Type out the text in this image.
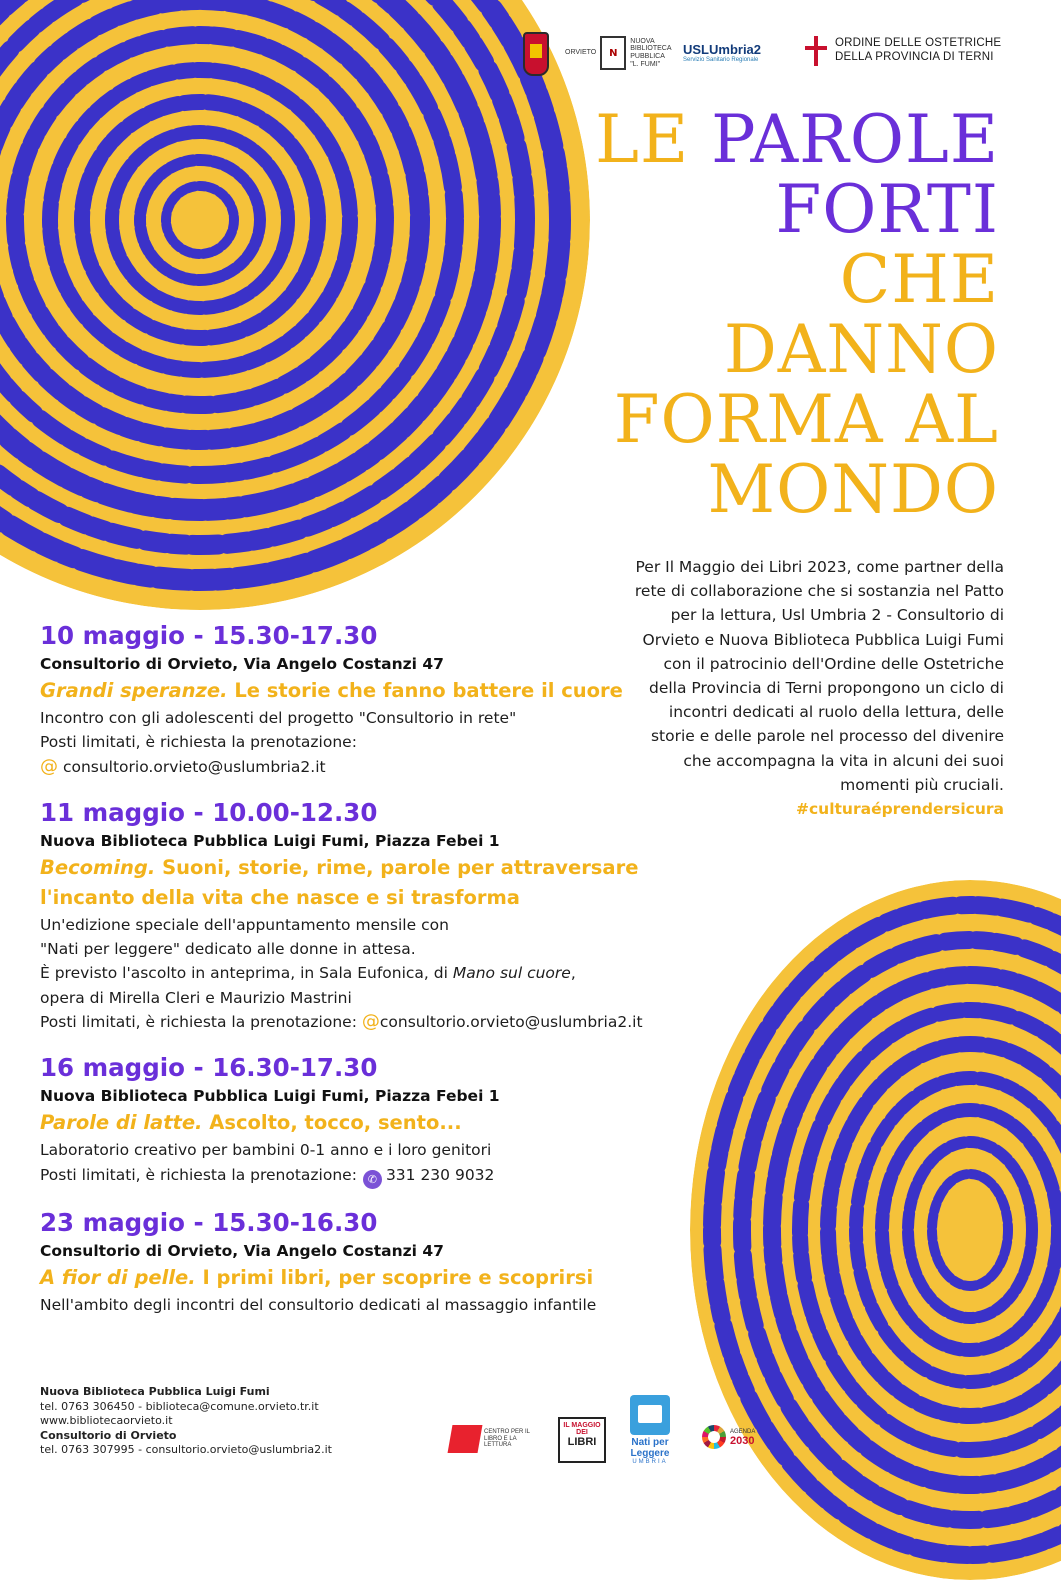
ORVIETO	N
NUOVA BIBLIOTECA PUBBLICA "L. FUMI"
USLUmbria2
Servizio Sanitario Regionale
ORDINE DELLE OSTETRICHE
DELLA PROVINCIA DI TERNI
LE PAROLE
FORTI
CHE
DANNO
FORMA AL
MONDO
Per Il Maggio dei Libri 2023, come partner della rete di collaborazione che si sostanzia nel Patto per la lettura, Usl Umbria 2 - Consultorio di Orvieto e Nuova Biblioteca Pubblica Luigi Fumi con il patrocinio dell'Ordine delle Ostetriche della Provincia di Terni propongono un ciclo di incontri dedicati al ruolo della lettura, delle storie e delle parole nel processo del divenire che accompagna la vita in alcuni dei suoi momenti più cruciali.
#culturaéprendersicura
10 maggio - 15.30-17.30
Consultorio di Orvieto, Via Angelo Costanzi 47
Grandi speranze. Le storie che fanno battere il cuore
Incontro con gli adolescenti del progetto "Consultorio in rete"
Posti limitati, è richiesta la prenotazione:
@ consultorio.orvieto@uslumbria2.it
11 maggio - 10.00-12.30
Nuova Biblioteca Pubblica Luigi Fumi, Piazza Febei 1
Becoming. Suoni, storie, rime, parole per attraversare
l'incanto della vita che nasce e si trasforma
Un'edizione speciale dell'appuntamento mensile con
"Nati per leggere" dedicato alle donne in attesa.
È previsto l'ascolto in anteprima, in Sala Eufonica, di Mano sul cuore,
opera di Mirella Cleri e Maurizio Mastrini
Posti limitati, è richiesta la prenotazione: @consultorio.orvieto@uslumbria2.it
16 maggio - 16.30-17.30
Nuova Biblioteca Pubblica Luigi Fumi, Piazza Febei 1
Parole di latte. Ascolto, tocco, sento...
Laboratorio creativo per bambini 0-1 anno e i loro genitori
Posti limitati, è richiesta la prenotazione: ✆ 331 230 9032
23 maggio - 15.30-16.30
Consultorio di Orvieto, Via Angelo Costanzi 47
A fior di pelle. I primi libri, per scoprire e scoprirsi
Nell'ambito degli incontri del consultorio dedicati al massaggio infantile
Nuova Biblioteca Pubblica Luigi Fumi
tel. 0763 306450 - biblioteca@comune.orvieto.tr.it
www.bibliotecaorvieto.it
Consultorio di Orvieto
tel. 0763 307995 - consultorio.orvieto@uslumbria2.it
CENTRO PER IL LIBRO E LA LETTURA
IL MAGGIO DEI
LIBRI	Nati per Leggere
UMBRIA
AGENDA
2030
